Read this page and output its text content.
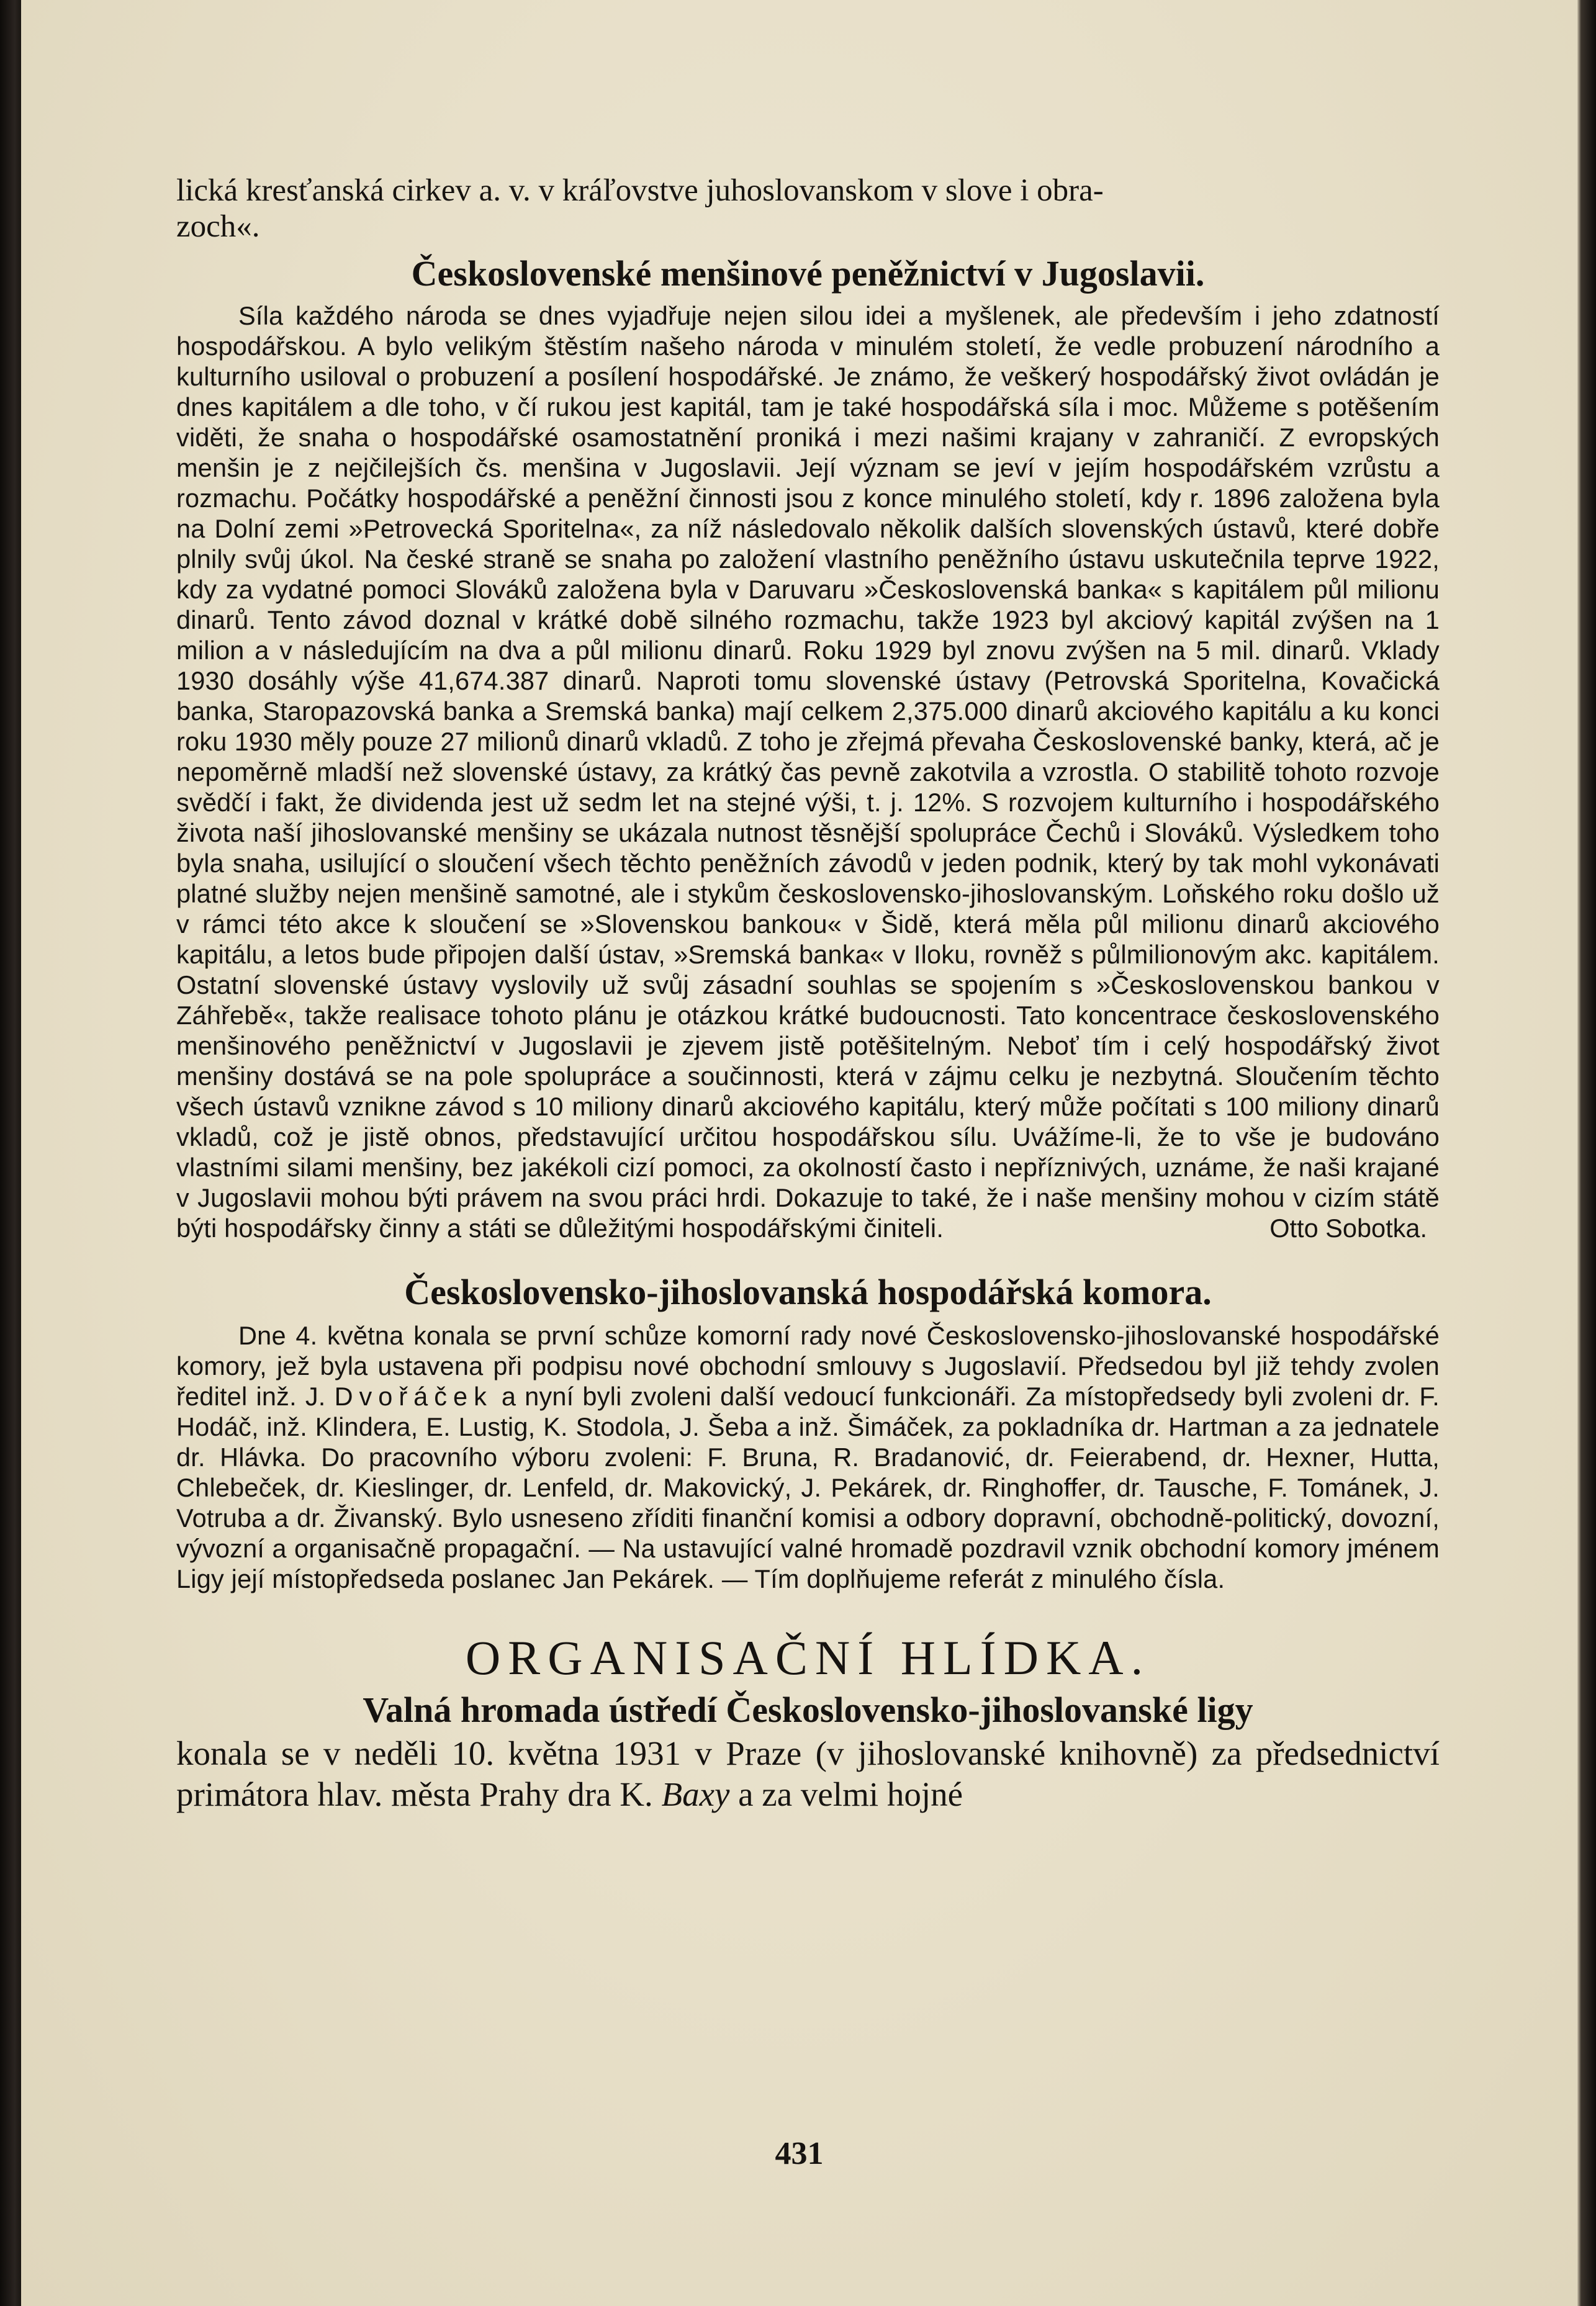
lická kresťanská cirkev a. v. v kráľovstve juhoslovanskom v slove i obra-
zoch«.

Československé menšinové peněžnictví v Jugoslavii.

Síla každého národa se dnes vyjadřuje nejen silou idei a myšlenek, ale především i jeho zdatností hospodářskou. A bylo velikým štěstím našeho národa v minulém století, že vedle probuzení národního a kulturního usiloval o probuzení a posílení hospodářské. Je známo, že veškerý hospodářský život ovládán je dnes kapitálem a dle toho, v čí rukou jest kapitál, tam je také hospodářská síla i moc. Můžeme s potěšením viděti, že snaha o hospodářské osamostatnění proniká i mezi našimi krajany v zahraničí. Z evropských menšin je z nejčilejších čs. menšina v Jugoslavii. Její význam se jeví v jejím hospodářském vzrůstu a rozmachu. Počátky hospodářské a peněžní činnosti jsou z konce minulého století, kdy r. 1896 založena byla na Dolní zemi »Petrovecká Sporitelna«, za níž následovalo několik dalších slovenských ústavů, které dobře plnily svůj úkol. Na české straně se snaha po založení vlastního peněžního ústavu uskutečnila teprve 1922, kdy za vydatné pomoci Slováků založena byla v Daruvaru »Československá banka« s kapitálem půl milionu dinarů. Tento závod doznal v krátké době silného rozmachu, takže 1923 byl akciový kapitál zvýšen na 1 milion a v následujícím na dva a půl milionu dinarů. Roku 1929 byl znovu zvýšen na 5 mil. dinarů. Vklady 1930 dosáhly výše 41,674.387 dinarů. Naproti tomu slovenské ústavy (Petrovská Sporitelna, Kovačická banka, Staropazovská banka a Sremská banka) mají celkem 2,375.000 dinarů akciového kapitálu a ku konci roku 1930 měly pouze 27 milionů dinarů vkladů. Z toho je zřejmá převaha Československé banky, která, ač je nepoměrně mladší než slovenské ústavy, za krátký čas pevně zakotvila a vzrostla. O stabilitě tohoto rozvoje svědčí i fakt, že dividenda jest už sedm let na stejné výši, t. j. 12%. S rozvojem kulturního i hospodářského života naší jihoslovanské menšiny se ukázala nutnost těsnější spolupráce Čechů i Slováků. Výsledkem toho byla snaha, usilující o sloučení všech těchto peněžních závodů v jeden podnik, který by tak mohl vykonávati platné služby nejen menšině samotné, ale i stykům československo-jihoslovanským. Loňského roku došlo už v rámci této akce k sloučení se »Slovenskou bankou« v Šidě, která měla půl milionu dinarů akciového kapitálu, a letos bude připojen další ústav, »Sremská banka« v Iloku, rovněž s půlmilionovým akc. kapitálem. Ostatní slovenské ústavy vyslovily už svůj zásadní souhlas se spojením s »Československou bankou v Záhřebě«, takže realisace tohoto plánu je otázkou krátké budoucnosti. Tato koncentrace československého menšinového peněžnictví v Jugoslavii je zjevem jistě potěšitelným. Neboť tím i celý hospodářský život menšiny dostává se na pole spolupráce a součinnosti, která v zájmu celku je nezbytná. Sloučením těchto všech ústavů vznikne závod s 10 miliony dinarů akciového kapitálu, který může počítati s 100 miliony dinarů vkladů, což je jistě obnos, představující určitou hospodářskou sílu. Uvážíme-li, že to vše je budováno vlastními silami menšiny, bez jakékoli cizí pomoci, za okolností často i nepříznivých, uznáme, že naši krajané v Jugoslavii mohou býti právem na svou práci hrdi. Dokazuje to také, že i naše menšiny mohou v cizím státě býti hospodářsky činny a státi se důležitými hospodářskými činiteli.	Otto Sobotka.
Československo-jihoslovanská hospodářská komora.

Dne 4. května konala se první schůze komorní rady nové Československo-jihoslovanské hospodářské komory, jež byla ustavena při podpisu nové obchodní smlouvy s Jugoslavií. Předsedou byl již tehdy zvolen ředitel inž. J. Dvořáček a nyní byli zvoleni další vedoucí funkcionáři. Za místopředsedy byli zvoleni dr. F. Hodáč, inž. Klindera, E. Lustig, K. Stodola, J. Šeba a inž. Šimáček, za pokladníka dr. Hartman a za jednatele dr. Hlávka. Do pracovního výboru zvoleni: F. Bruna, R. Bradanović, dr. Feierabend, dr. Hexner, Hutta, Chlebeček, dr. Kieslinger, dr. Lenfeld, dr. Makovický, J. Pekárek, dr. Ringhoffer, dr. Tausche, F. Tománek, J. Votruba a dr. Živanský. Bylo usneseno zříditi finanční komisi a odbory dopravní, obchodně-politický, dovozní, vývozní a organisačně propagační. — Na ustavující valné hromadě pozdravil vznik obchodní komory jménem Ligy její místopředseda poslanec Jan Pekárek. — Tím doplňujeme referát z minulého čísla.

ORGANISAČNÍ HLÍDKA.
Valná hromada ústředí Československo-jihoslovanské ligy

konala se v neděli 10. května 1931 v Praze (v jihoslovanské knihovně) za předsednictví primátora hlav. města Prahy dra K. Baxy a za velmi hojné

431
